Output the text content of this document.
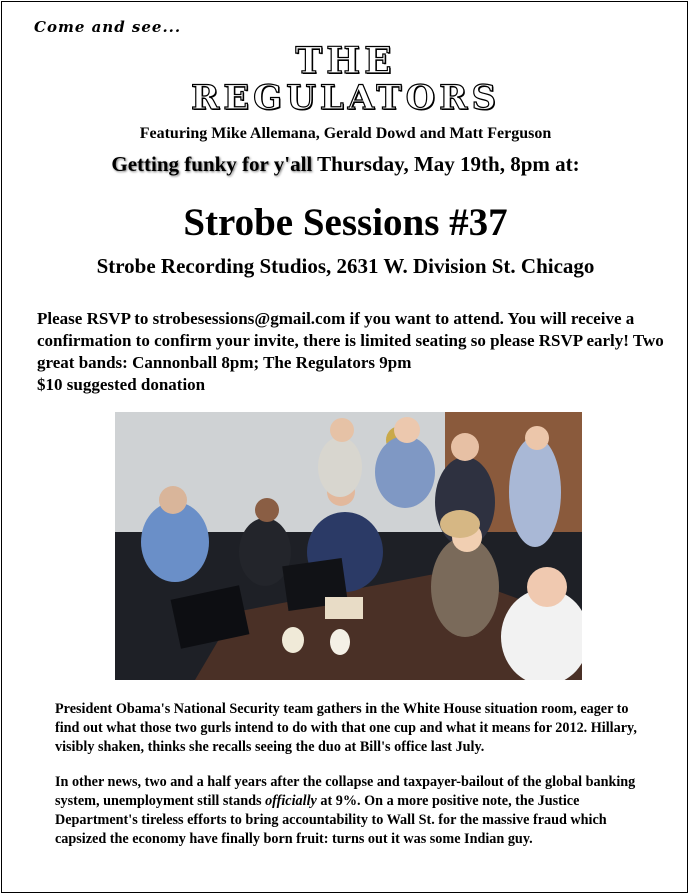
Come and see...
THE
REGULATORS
Featuring Mike Allemana, Gerald Dowd and Matt Ferguson
Getting funky for y'all Thursday, May 19th, 8pm at:
Strobe Sessions #37
Strobe Recording Studios, 2631 W. Division St. Chicago

Please RSVP to strobesessions@gmail.com if you want to attend. You will receive a confirmation to confirm your invite, there is limited seating so please RSVP early! Two great bands: Cannonball 8pm; The Regulators 9pm

$10 suggested donation

President Obama's National Security team gathers in the White House situation room, eager to find out what those two gurls intend to do with that one cup and what it means for 2012. Hillary, visibly shaken, thinks she recalls seeing the duo at Bill's office last July.

In other news, two and a half years after the collapse and taxpayer-bailout of the global banking system, unemployment still stands officially at 9%. On a more positive note, the Justice Department's tireless efforts to bring accountability to Wall St. for the massive fraud which capsized the economy have finally born fruit: turns out it was some Indian guy.
